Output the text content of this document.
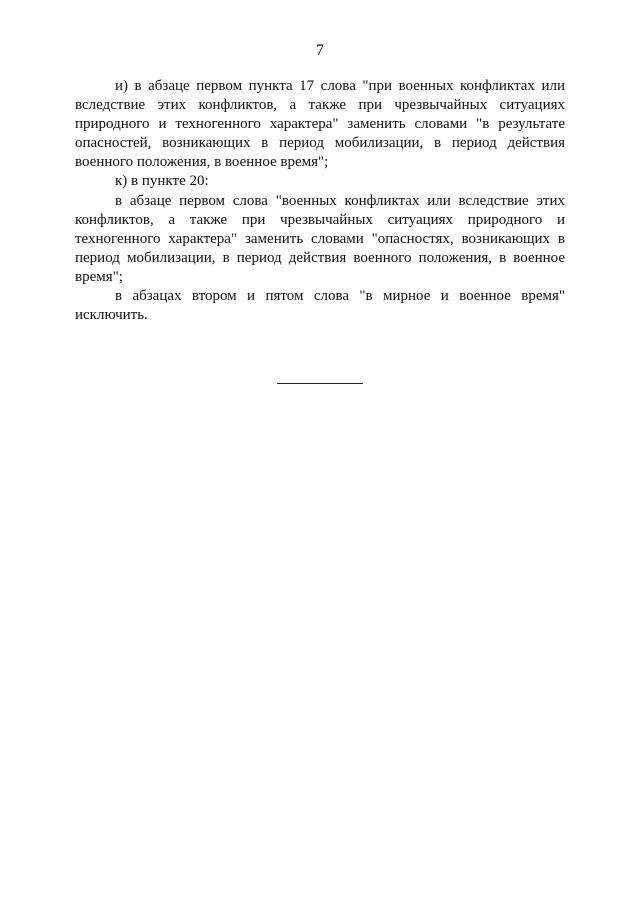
7

и) в абзаце первом пункта 17 слова "при военных конфликтах или вследствие этих конфликтов, а также при чрезвычайных ситуациях природного и техногенного характера" заменить словами "в результате опасностей, возникающих в период мобилизации, в период действия военного положения, в военное время";

к) в пункте 20:

в абзаце первом слова "военных конфликтах или вследствие этих конфликтов, а также при чрезвычайных ситуациях природного и техногенного характера" заменить словами "опасностях, возникающих в период мобилизации, в период действия военного положения, в военное время";

в абзацах втором и пятом слова "в мирное и военное время" исключить.
